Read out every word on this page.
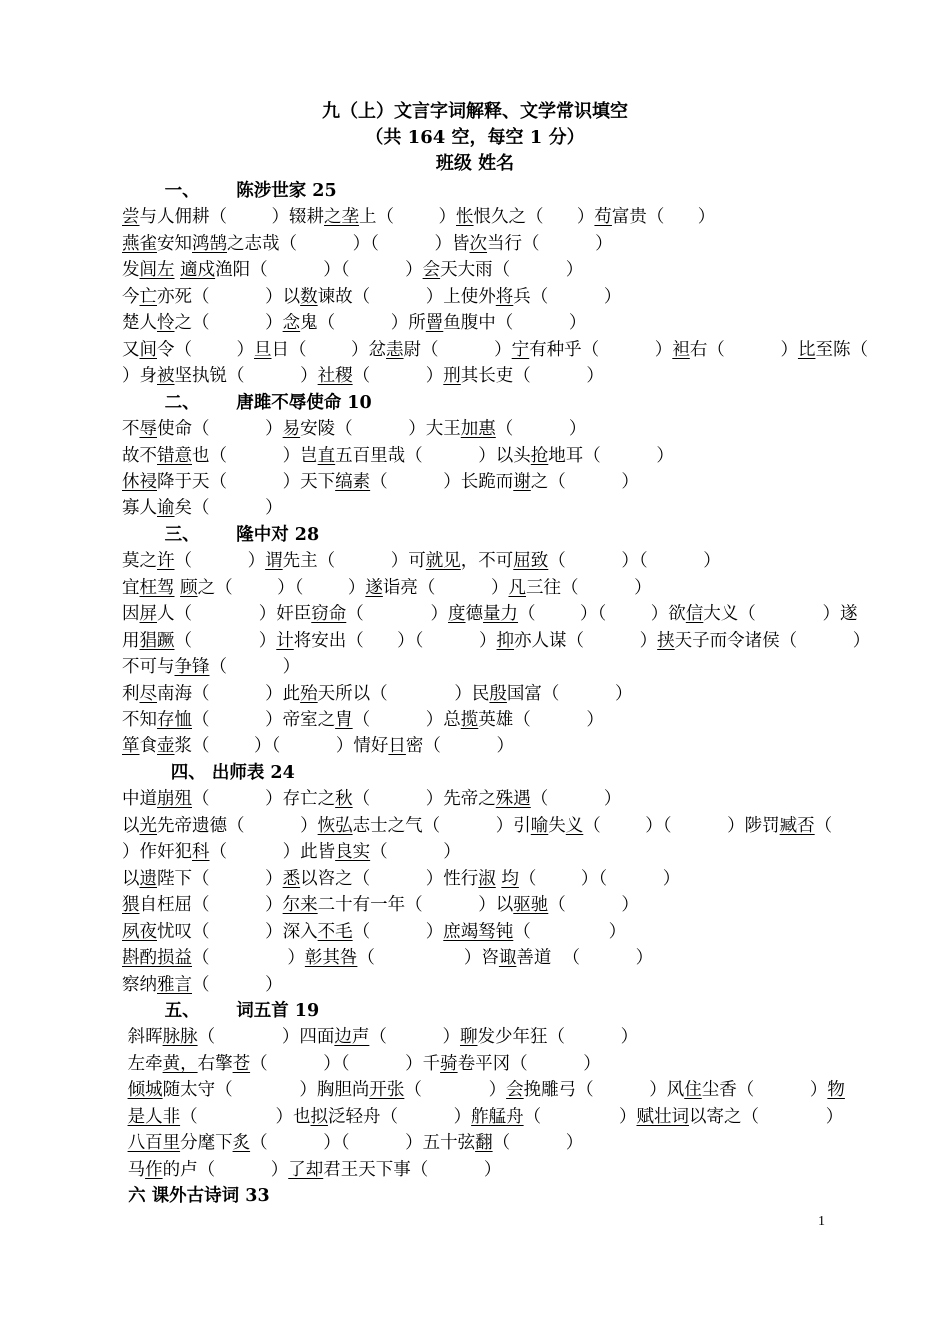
九（上）文言字词解释、文学常识填空
（共 164 空，每空 1 分）
班级 姓名
一、      陈涉世家 25
尝与人佣耕（        ）辍耕之垄上（        ）怅恨久之（      ）苟富贵（      ）
燕雀安知鸿鹄之志哉（          ）（          ）皆次当行（          ）
发闾左 適戍渔阳（          ）（          ）会天大雨（          ）
今亡亦死（          ）以数谏故（          ）上使外将兵（          ）
楚人怜之（          ）念鬼（          ）所罾鱼腹中（          ）
又间令（        ）旦日（        ）忿恚尉（          ）宁有种乎（          ）袒右（          ）比至陈（
）身被坚执锐（          ）社稷（          ）刑其长吏（          ）
二、      唐雎不辱使命 10
不辱使命（          ）易安陵（          ）大王加惠（          ）
故不错意也（          ）岂直五百里哉（          ）以头抢地耳（          ）
休祲降于天（          ）天下缟素（          ）长跪而谢之（          ）
寡人谕矣（          ）
三、      隆中对 28
莫之许（          ）谓先主（          ）可就见，不可屈致（          ）（          ）
宜枉驾 顾之（        ）（        ）遂诣亮（          ）凡三往（          ）
因屏人（            ）奸臣窃命（            ）度德量力（        ）（        ）欲信大义（            ）遂
用猖蹶（            ）计将安出（      ）（          ）抑亦人谋（          ）挟天子而令诸侯（          ）
不可与争锋（          ）
利尽南海（          ）此殆天所以（            ）民殷国富（          ）
不知存恤（          ）帝室之胄（          ）总揽英雄（          ）
箪食壶浆（        ）（          ）情好日密（          ）
四、 出师表 24
中道崩殂（          ）存亡之秋（          ）先帝之殊遇（          ）
以光先帝遗德（          ）恢弘志士之气（          ）引喻失义（        ）（          ）陟罚臧否（
）作奸犯科（          ）此皆良实（          ）
以遗陛下（          ）悉以咨之（          ）性行淑 均（        ）（          ）
猥自枉屈（          ）尔来二十有一年（          ）以驱驰（          ）
夙夜忧叹（          ）深入不毛（          ）庶竭驽钝（              ）
斟酌损益（              ）彰其咎（                ）咨诹善道  （          ）
察纳雅言（          ）
五、      词五首 19
斜晖脉脉（            ）四面边声（          ）聊发少年狂（          ）
左牵黄，右擎苍（          ）（          ）千骑卷平冈（          ）
倾城随太守（            ）胸胆尚开张（            ）会挽雕弓（          ）风住尘香（          ）物
是人非（              ）也拟泛轻舟（          ）舴艋舟（              ）赋壮词以寄之（            ）
八百里分麾下炙（          ）（          ）五十弦翻（          ）
马作的卢（          ）了却君王天下事（          ）
六 课外古诗词 33
1
